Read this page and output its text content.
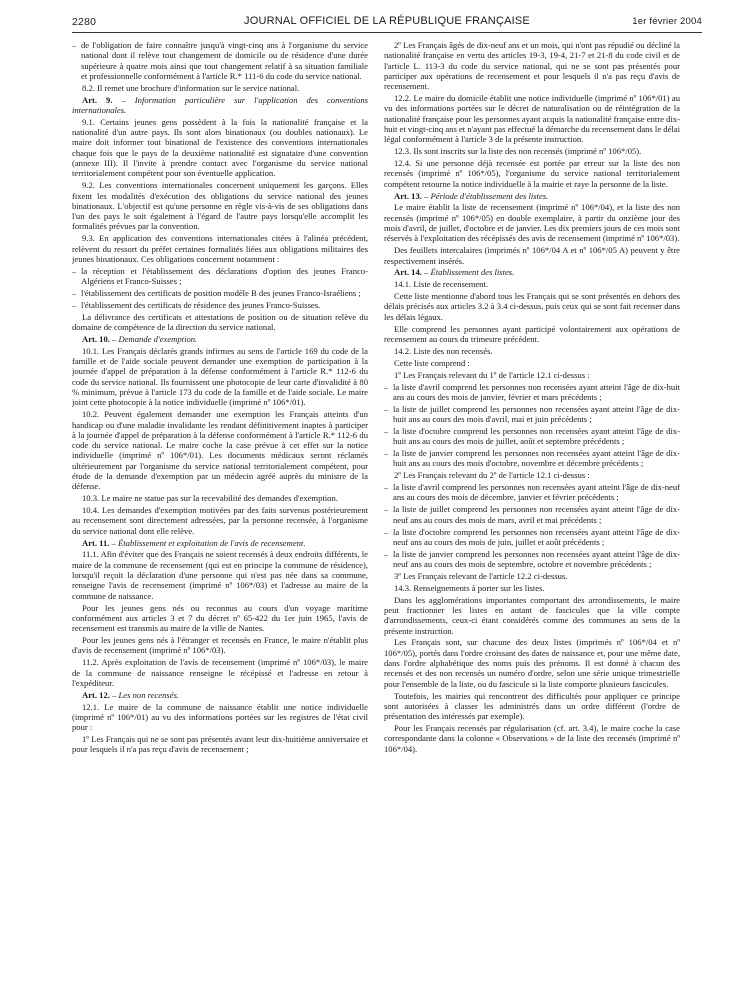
2280	JOURNAL OFFICIEL DE LA RÉPUBLIQUE FRANÇAISE	1er février 2004

– de l'obligation de faire connaître jusqu'à vingt-cinq ans à l'organisme du service national dont il relève tout changement de domicile ou de résidence d'une durée supérieure à quatre mois ainsi que tout changement relatif à sa situation familiale et professionnelle conformément à l'article R.* 111-6 du code du service national.

8.2. Il remet une brochure d'information sur le service national.

Art. 9. – Information particulière sur l'application des conventions internationales.

9.1. Certains jeunes gens possèdent à la fois la nationalité française et la nationalité d'un autre pays. Ils sont alors binationaux (ou doubles nationaux). Le maire doit informer tout binational de l'existence des conventions internationales chaque fois que le pays de la deuxième nationalité est signataire d'une convention (annexe III). Il l'invite à prendre contact avec l'organisme du service national territorialement compétent pour son éventuelle application.

9.2. Les conventions internationales concernent uniquement les garçons. Elles fixent les modalités d'exécution des obligations du service national des jeunes binationaux. L'objectif est qu'une personne en règle vis-à-vis de ses obligations dans l'un des pays le soit également à l'égard de l'autre pays lorsqu'elle accomplit les formalités prévues par la convention.

9.3. En application des conventions internationales citées à l'alinéa précédent, relèvent du ressort du préfet certaines formalités liées aux obligations militaires des jeunes binationaux. Ces obligations concernent notamment :

– la réception et l'établissement des déclarations d'option des jeunes Franco-Algériens et Franco-Suisses ;

– l'établissement des certificats de position modèle B des jeunes Franco-Israéliens ;

– l'établissement des certificats de résidence des jeunes Franco-Suisses.

La délivrance des certificats et attestations de position ou de situation relève du domaine de compétence de la direction du service national.

Art. 10. – Demande d'exemption.

10.1. Les Français déclarés grands infirmes au sens de l'article 169 du code de la famille et de l'aide sociale peuvent demander une exemption de participation à la journée d'appel de préparation à la défense conformément à l'article R.* 112-6 du code du service national. Ils fournissent une photocopie de leur carte d'invalidité à 80 % minimum, prévue à l'article 173 du code de la famille et de l'aide sociale. Le maire joint cette photocopie à la notice individuelle (imprimé nº 106*/01).

10.2. Peuvent également demander une exemption les Français atteints d'un handicap ou d'une maladie invalidante les rendant définitivement inaptes à participer à la journée d'appel de préparation à la défense conformément à l'article R.* 112-6 du code du service national. Le maire coche la case prévue à cet effet sur la notice individuelle (imprimé nº 106*/01). Les documents médicaux seront réclamés ultérieurement par l'organisme du service national territorialement compétent, pour étude de la demande d'exemption par un médecin agréé auprès du ministre de la défense.

10.3. Le maire ne statue pas sur la recevabilité des demandes d'exemption.

10.4. Les demandes d'exemption motivées par des faits survenus postérieurement au recensement sont directement adressées, par la personne recensée, à l'organisme du service national dont elle relève.

Art. 11. – Établissement et exploitation de l'avis de recensement.

11.1. Afin d'éviter que des Français ne soient recensés à deux endroits différents, le maire de la commune de recensement (qui est en principe la commune de résidence), lorsqu'il reçoit la déclaration d'une personne qui n'est pas née dans sa commune, renseigne l'avis de recensement (imprimé nº 106*/03) et l'adresse au maire de la commune de naissance.

Pour les jeunes gens nés ou reconnus au cours d'un voyage maritime conformément aux articles 3 et 7 du décret nº 65-422 du 1er juin 1965, l'avis de recensement est transmis au maire de la ville de Nantes.

Pour les jeunes gens nés à l'étranger et recensés en France, le maire n'établit plus d'avis de recensement (imprimé nº 106*/03).

11.2. Après exploitation de l'avis de recensement (imprimé nº 106*/03), le maire de la commune de naissance renseigne le récépissé et l'adresse en retour à l'expéditeur.

Art. 12. – Les non recensés.

12.1. Le maire de la commune de naissance établit une notice individuelle (imprimé nº 106*/01) au vu des informations portées sur les registres de l'état civil pour :

1º Les Français qui ne se sont pas présentés avant leur dix-huitième anniversaire et pour lesquels il n'a pas reçu d'avis de recensement ;

2º Les Français âgés de dix-neuf ans et un mois, qui n'ont pas répudié ou décliné la nationalité française en vertu des articles 19-3, 19-4, 21-7 et 21-8 du code civil et de l'article L. 113-3 du code du service national, qui ne se sont pas présentés pour participer aux opérations de recensement et pour lesquels il n'a pas reçu d'avis de recensement.

12.2. Le maire du domicile établit une notice individuelle (imprimé nº 106*/01) au vu des informations portées sur le décret de naturalisation ou de réintégration de la nationalité française pour les personnes ayant acquis la nationalité française entre dix-huit et vingt-cinq ans et n'ayant pas effectué la démarche du recensement dans le délai légal conformément à l'article 3 de la présente instruction.

12.3. Ils sont inscrits sur la liste des non recensés (imprimé nº 106*/05).

12.4. Si une personne déjà recensée est portée par erreur sur la liste des non recensés (imprimé nº 106*/05), l'organisme du service national territorialement compétent retourne la notice individuelle à la mairie et raye la personne de la liste.

Art. 13. – Période d'établissement des listes.

Le maire établit la liste de recensement (imprimé nº 106*/04), et la liste des non recensés (imprimé nº 106*/05) en double exemplaire, à partir du onzième jour des mois d'avril, de juillet, d'octobre et de janvier. Les dix premiers jours de ces mois sont réservés à l'exploitation des récépissés des avis de recensement (imprimé nº 106*/03).

Des feuillets intercalaires (imprimés nº 106*/04 A et nº 106*/05 A) peuvent y être respectivement insérés.

Art. 14. – Établissement des listes.

14.1. Liste de recensement.

Cette liste mentionne d'abord tous les Français qui se sont présentés en dehors des délais précisés aux articles 3.2 à 3.4 ci-dessus, puis ceux qui se sont fait recenser dans les délais légaux.

Elle comprend les personnes ayant participé volontairement aux opérations de recensement au cours du trimestre précédent.

14.2. Liste des non recensés.

Cette liste comprend :

1º Les Français relevant du 1º de l'article 12.1 ci-dessus :

– la liste d'avril comprend les personnes non recensées ayant atteint l'âge de dix-huit ans au cours des mois de janvier, février et mars précédents ;

– la liste de juillet comprend les personnes non recensées ayant atteint l'âge de dix-huit ans au cours des mois d'avril, mai et juin précédents ;

– la liste d'octobre comprend les personnes non recensées ayant atteint l'âge de dix-huit ans au cours des mois de juillet, août et septembre précédents ;

– la liste de janvier comprend les personnes non recensées ayant atteint l'âge de dix-huit ans au cours des mois d'octobre, novembre et décembre précédents ;

2º Les Français relevant du 2º de l'article 12.1 ci-dessus :

– la liste d'avril comprend les personnes non recensées ayant atteint l'âge de dix-neuf ans au cours des mois de décembre, janvier et février précédents ;

– la liste de juillet comprend les personnes non recensées ayant atteint l'âge de dix-neuf ans au cours des mois de mars, avril et mai précédents ;

– la liste d'octobre comprend les personnes non recensées ayant atteint l'âge de dix-neuf ans au cours des mois de juin, juillet et août précédents ;

– la liste de janvier comprend les personnes non recensées ayant atteint l'âge de dix-neuf ans au cours des mois de septembre, octobre et novembre précédents ;

3º Les Français relevant de l'article 12.2 ci-dessus.

14.3. Renseignements à porter sur les listes.

Dans les agglomérations importantes comportant des arrondissements, le maire peut fractionner les listes en autant de fascicules que la ville compte d'arrondissements, ceux-ci étant considérés comme des communes au sens de la présente instruction.

Les Français sont, sur chacune des deux listes (imprimés nº 106*/04 et nº 106*/05), portés dans l'ordre croissant des dates de naissance et, pour une même date, dans l'ordre alphabétique des noms puis des prénoms. Il est donné à chacun des recensés et des non recensés un numéro d'ordre, selon une série unique trimestrielle pour l'ensemble de la liste, ou du fascicule si la liste comporte plusieurs fascicules.

Toutefois, les mairies qui rencontrent des difficultés pour appliquer ce principe sont autorisées à classer les administrés dans un ordre différent (l'ordre de présentation des intéressés par exemple).

Pour les Français recensés par régularisation (cf. art. 3.4), le maire coche la case correspondante dans la colonne « Observations » de la liste des recensés (imprimé nº 106*/04).
